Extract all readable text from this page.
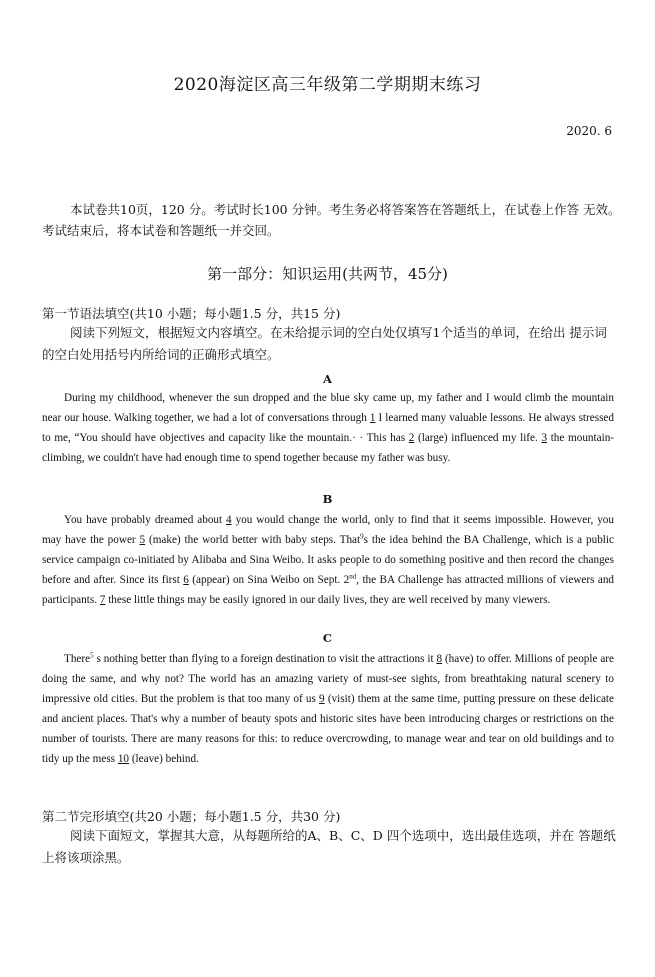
2020海淀区高三年级第二学期期末练习
2020. 6

本试卷共10页，120 分。考试时长100 分钟。考生务必将答案答在答题纸上，在试卷上作答 无效。考试结束后，将本试卷和答题纸一并交回。

第一部分：知识运用(共两节，45分)
第一节语法填空(共10 小题；每小题1.5 分，共15 分)

阅读下列短文，根据短文内容填空。在未给提示词的空白处仅填写1个适当的单词，在给出 提示词的空白处用括号内所给词的正确形式填空。

A

During my childhood, whenever the sun dropped and the blue sky came up, my father and I would climb the mountain near our house. Walking together, we had a lot of conversations through 1 I learned many valuable lessons. He always stressed to me, “You should have objectives and capacity like the mountain.· · This has 2 (large) influenced my life. 3 the mountain-climbing, we couldn't have had enough time to spend together because my father was busy.

B

You have probably dreamed about 4 you would change the world, only to find that it seems impossible. However, you may have the power 5 (make) the world better with baby steps. That$^9$s the idea behind the BA Challenge, which is a public service campaign co-initiated by Alibaba and Sina Weibo. It asks people to do something positive and then record the changes before and after. Since its first 6 (appear) on Sina Weibo on Sept. 2nd, the BA Challenge has attracted millions of viewers and participants. 7 these little things may be easily ignored in our daily lives, they are well received by many viewers.

C

There$^5$ s nothing better than flying to a foreign destination to visit the attractions it 8 (have) to offer. Millions of people are doing the same, and why not? The world has an amazing variety of must-see sights, from breathtaking natural scenery to impressive old cities. But the problem is that too many of us 9 (visit) them at the same time, putting pressure on these delicate and ancient places. That's why a number of beauty spots and historic sites have been introducing charges or restrictions on the number of tourists. There are many reasons for this: to reduce overcrowding, to manage wear and tear on old buildings and to tidy up the mess 10 (leave) behind.

第二节完形填空(共20 小题；每小题1.5 分，共30 分)

阅读下面短文，掌握其大意，从每题所给的A、B、C、D 四个选项中，选出最佳选项，并在 答题纸上将该项涂黑。
